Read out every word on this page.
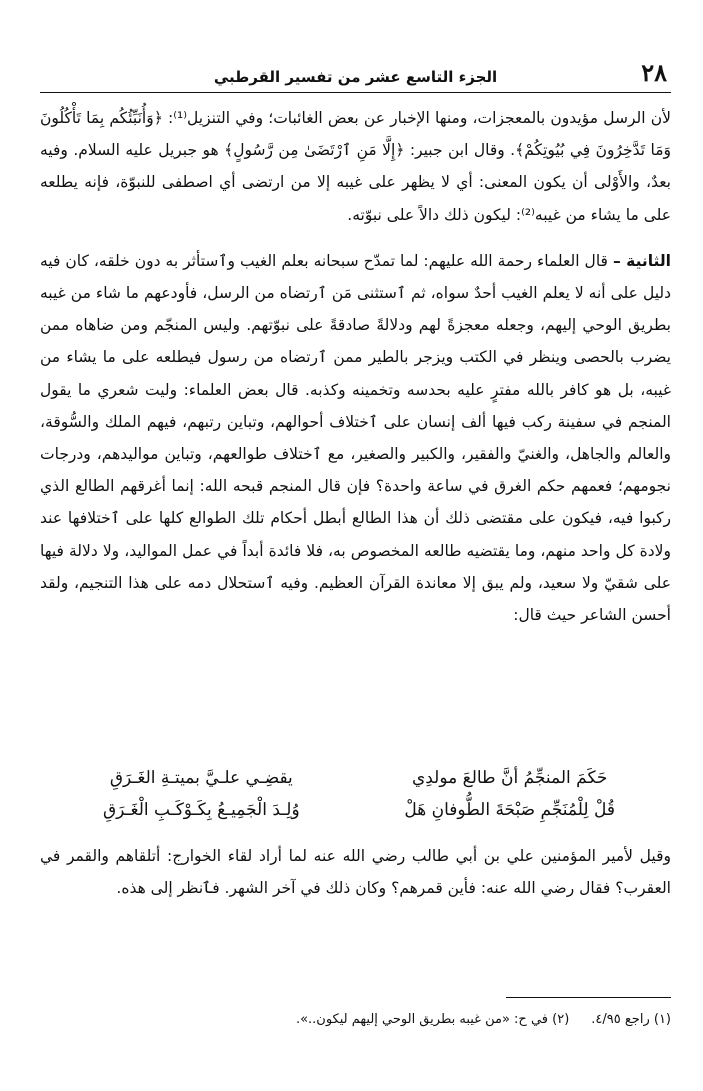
الجزء التاسع عشر من تفسير القرطبي	٢٨

لأن الرسل مؤيدون بالمعجزات، ومنها الإخبار عن بعض الغائبات؛ وفي التنزيل⁽¹⁾: ﴿وَأُنَبِّئُكُم بِمَا تَأْكُلُونَ وَمَا تَدَّخِرُونَ فِي بُيُوتِكُمْ﴾. وقال ابن جبير: ﴿إِلَّا مَنِ ٱرْتَضَىٰ مِن رَّسُولٍ﴾ هو جبريل عليه السلام. وفيه بعدٌ، والأَوْلى أن يكون المعنى: أي لا يظهر على غيبه إلا من ارتضى أي اصطفى للنبوّة، فإنه يطلعه على ما يشاء من غيبه⁽²⁾: ليكون ذلك دالاً على نبوّته.

الثانية – قال العلماء رحمة الله عليهم: لما تمدّح سبحانه بعلم الغيب وٱستأثر به دون خلقه، كان فيه دليل على أنه لا يعلم الغيب أحدٌ سواه، ثم ٱستثنى مَن ٱرتضاه من الرسل، فأودعهم ما شاء من غيبه بطريق الوحي إليهم، وجعله معجزةً لهم ودلالةً صادقةً على نبوّتهم. وليس المنجّم ومن ضاهاه ممن يضرب بالحصى وينظر في الكتب ويزجر بالطير ممن ٱرتضاه من رسول فيطلعه على ما يشاء من غيبه، بل هو كافر بالله مفترٍ عليه بحدسه وتخمينه وكذبه. قال بعض العلماء: وليت شعري ما يقول المنجم في سفينة ركب فيها ألف إنسان على ٱختلاف أحوالهم، وتباين رتبهم، فيهم الملك والسُّوقة، والعالم والجاهل، والغنيّ والفقير، والكبير والصغير، مع ٱختلاف طوالعهم، وتباين مواليدهم، ودرجات نجومهم؛ فعمهم حكم الغرق في ساعة واحدة؟ فإن قال المنجم قبحه الله: إنما أغرقهم الطالع الذي ركبوا فيه، فيكون على مقتضى ذلك أن هذا الطالع أبطل أحكام تلك الطوالع كلها على ٱختلافها عند ولادة كل واحد منهم، وما يقتضيه طالعه المخصوص به، فلا فائدة أبداً في عمل المواليد، ولا دلالة فيها على شقيّ ولا سعيد، ولم يبق إلا معاندة القرآن العظيم. وفيه ٱستحلال دمه على هذا التنجيم، ولقد أحسن الشاعر حيث قال:

حَكَمَ المنجِّمُ أنَّ طالعَ مولدِي
يقضِـي علـيَّ بميتـةِ الغَـرَقِ
قُلْ لِلْمُنَجِّمِ صَبْحَةَ الطُّوفانِ هَلْ
وُلِـدَ الْجَمِيـعُ بِكَـوْكَـبِ الْغَـرَقِ

وقيل لأمير المؤمنين علي بن أبي طالب رضي الله عنه لما أراد لقاء الخوارج: أتلقاهم والقمر في العقرب؟ فقال رضي الله عنه: فأين قمرهم؟ وكان ذلك في آخر الشهر. فٱنظر إلى هذه.

(١) راجع ٤/٩٥.
(٢) في ح: «من غيبه بطريق الوحي إليهم ليكون..».
